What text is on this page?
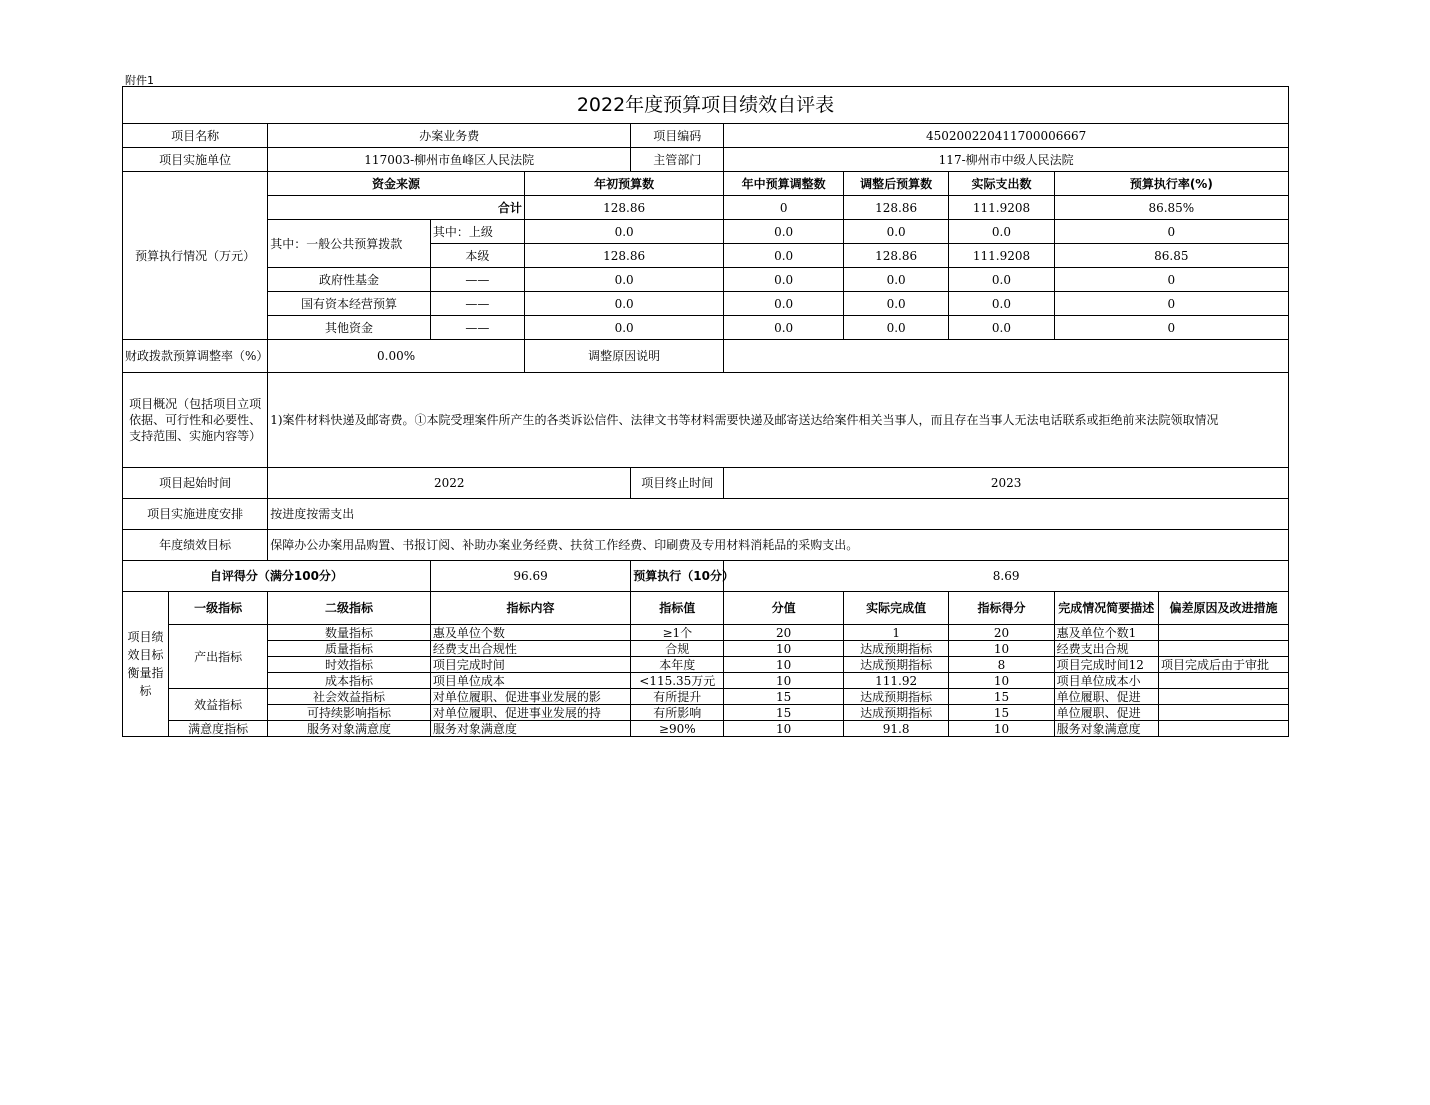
附件1
2022年度预算项目绩效自评表										
项目名称		办案业务费			项目编码	450200220411700006667				
项目实施单位		117003-柳州市鱼峰区人民法院			主管部门	117-柳州市中级人民法院				
预算执行情况（万元）		资金来源		年初预算数		年中预算调整数	调整后预算数	实际支出数	预算执行率(%)	
		合计		128.86		0	128.86	111.9208	86.85%	
		其中：一般公共预算拨款	其中：上级	0.0		0.0	0.0	0.0	0	
			本级	128.86		0.0	128.86	111.9208	86.85	
		政府性基金	——	0.0		0.0	0.0	0.0	0	
		国有资本经营预算	——	0.0		0.0	0.0	0.0	0	
		其他资金	——	0.0		0.0	0.0	0.0	0	
财政拨款预算调整率（%）		0.00%		调整原因说明						
项目概况（包括项目立项依据、可行性和必要性、支持范围、实施内容等）		1)案件材料快递及邮寄费。①本院受理案件所产生的各类诉讼信件、法律文书等材料需要快递及邮寄送达给案件相关当事人，而且存在当事人无法电话联系或拒绝前来法院领取情况								
项目起始时间		2022			项目终止时间	2023				
项目实施进度安排		按进度按需支出								
年度绩效目标		保障办公办案用品购置、书报订阅、补助办案业务经费、扶贫工作经费、印刷费及专用材料消耗品的采购支出。								
自评得分（满分100分）			96.69		预算执行（10分）	8.69				
项目绩效目标衡量指标	一级指标	二级指标	指标内容		指标值	分值	实际完成值	指标得分	完成情况简要描述	偏差原因及改进措施
	产出指标	数量指标	惠及单位个数		≥1个	20	1	20	惠及单位个数1	
		质量指标	经费支出合规性		合规	10	达成预期指标	10	经费支出合规	
		时效指标	项目完成时间		本年度	10	达成预期指标	8	项目完成时间12	项目完成后由于审批
		成本指标	项目单位成本		<115.35万元	10	111.92	10	项目单位成本小	
	效益指标	社会效益指标	对单位履职、促进事业发展的影		有所提升	15	达成预期指标	15	单位履职、促进	
		可持续影响指标	对单位履职、促进事业发展的持		有所影响	15	达成预期指标	15	单位履职、促进	
	满意度指标	服务对象满意度	服务对象满意度		≥90%	10	91.8	10	服务对象满意度	
